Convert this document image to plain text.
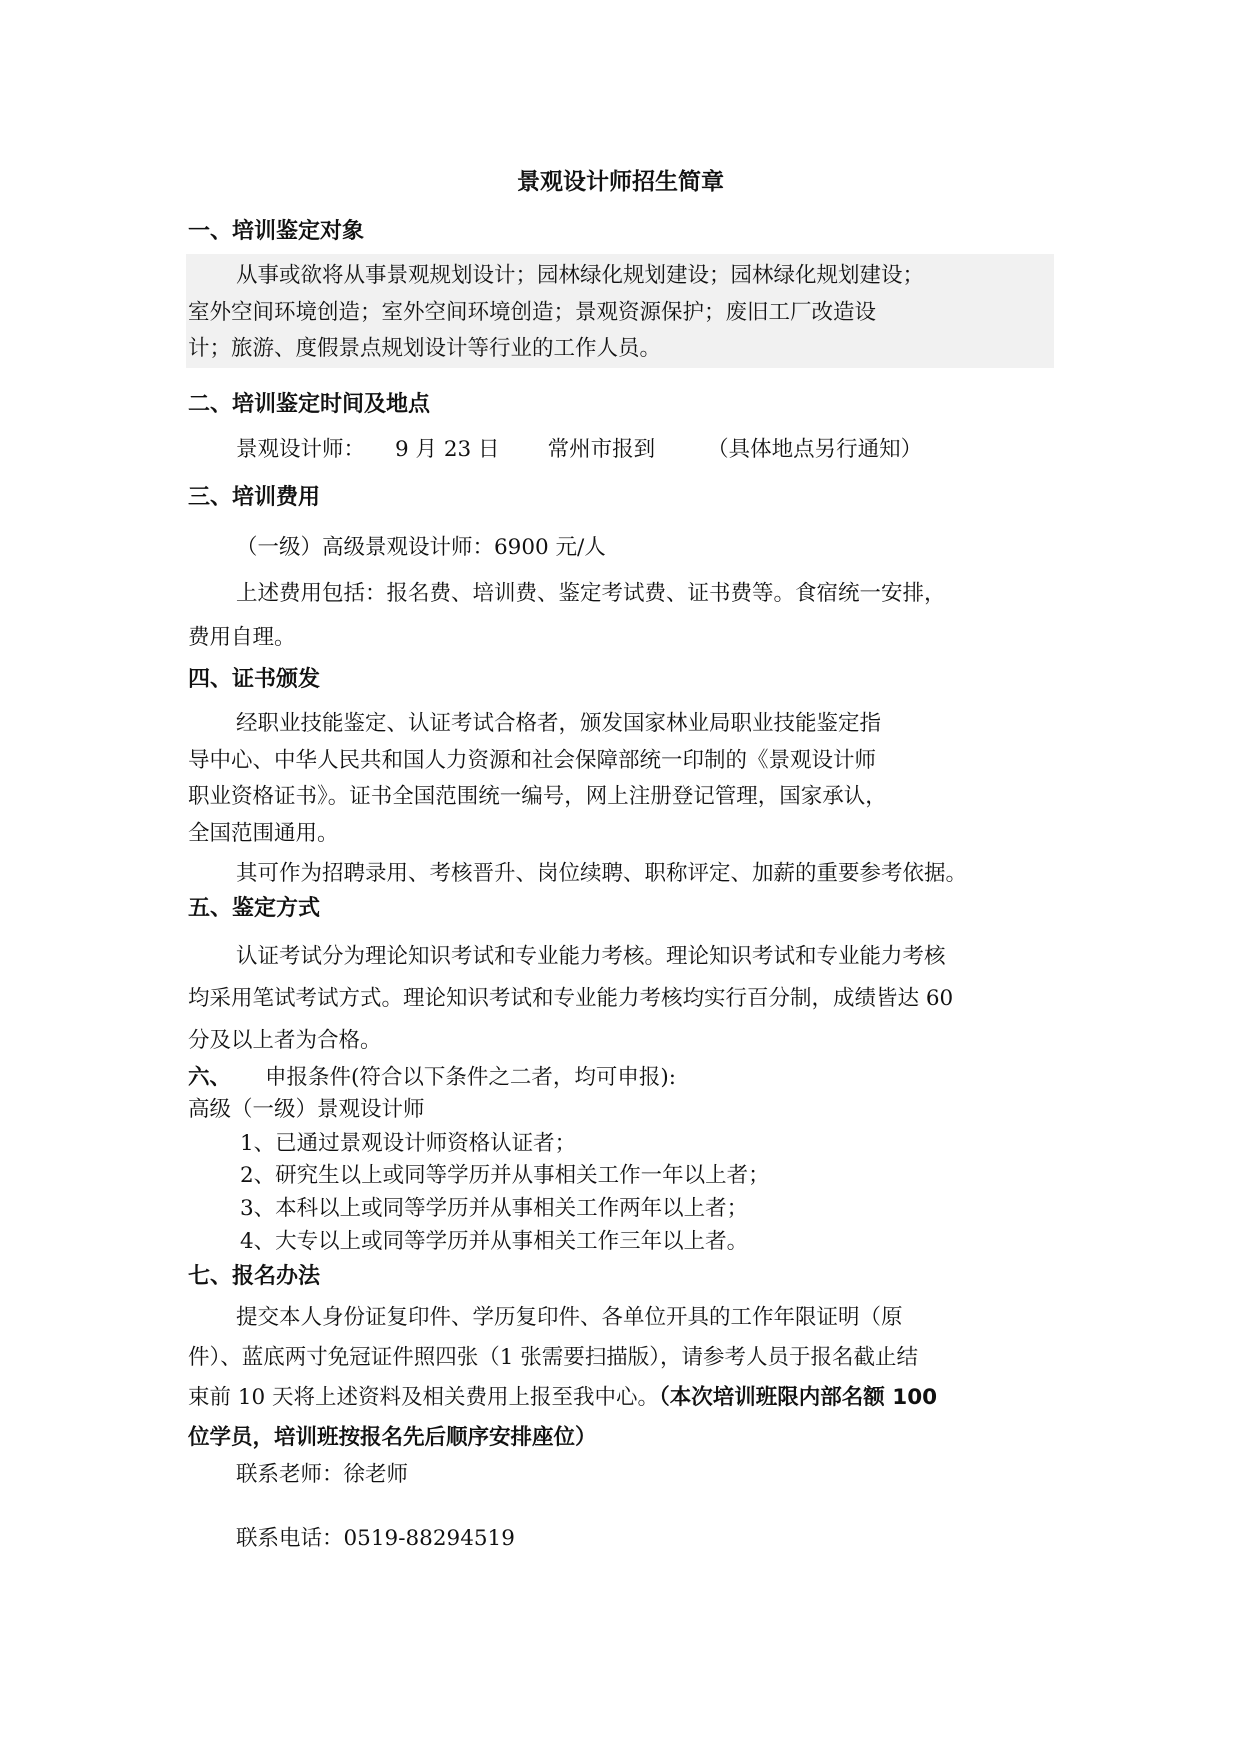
景观设计师招生简章
一、培训鉴定对象
从事或欲将从事景观规划设计；园林绿化规划建设；园林绿化规划建设；
室外空间环境创造；室外空间环境创造；景观资源保护；废旧工厂改造设
计；旅游、度假景点规划设计等行业的工作人员。
二、培训鉴定时间及地点
景观设计师： 9 月 23 日 常州市报到 （具体地点另行通知）
三、培训费用
（一级）高级景观设计师：6900 元/人
上述费用包括：报名费、培训费、鉴定考试费、证书费等。食宿统一安排，
费用自理。
四、证书颁发
经职业技能鉴定、认证考试合格者，颁发国家林业局职业技能鉴定指
导中心、中华人民共和国人力资源和社会保障部统一印制的《景观设计师
职业资格证书》。证书全国范围统一编号，网上注册登记管理，国家承认，
全国范围通用。
其可作为招聘录用、考核晋升、岗位续聘、职称评定、加薪的重要参考依据。
五、鉴定方式
认证考试分为理论知识考试和专业能力考核。理论知识考试和专业能力考核
均采用笔试考试方式。理论知识考试和专业能力考核均实行百分制，成绩皆达 60
分及以上者为合格。
六、 申报条件(符合以下条件之二者，均可申报):
高级（一级）景观设计师
1、已通过景观设计师资格认证者；
2、研究生以上或同等学历并从事相关工作一年以上者；
3、本科以上或同等学历并从事相关工作两年以上者；
4、大专以上或同等学历并从事相关工作三年以上者。
七、报名办法
提交本人身份证复印件、学历复印件、各单位开具的工作年限证明（原
件）、蓝底两寸免冠证件照四张（1 张需要扫描版），请参考人员于报名截止结
束前 10 天将上述资料及相关费用上报至我中心。（本次培训班限内部名额 100
位学员，培训班按报名先后顺序安排座位）
联系老师：徐老师
联系电话：0519-88294519
